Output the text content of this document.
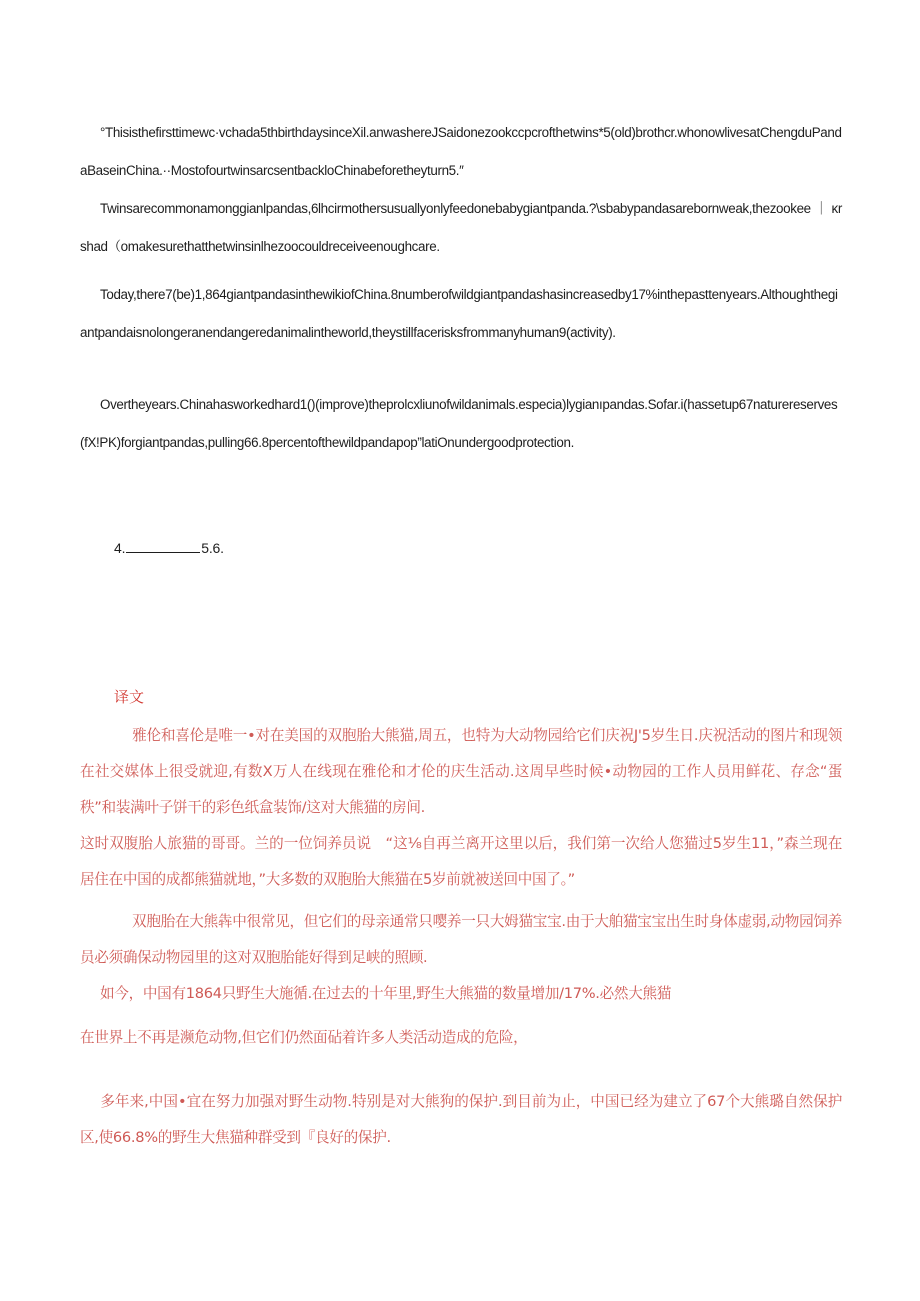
°Thisisthefirsttimewc·vchada5thbirthdaysinceXil.anwashereJSaidonezookccpcrofthetwins*5(old)brothcr.whonowlivesatChengduPandaBaseinChina.··MostofourtwinsarcsentbackloChinabeforetheyturn5.″

Twinsarecommonamonggianlpandas,6lhcirmothersusuallyonlyfeedonebabygiantpanda.?\sbabypandasarebornweak,thezookee ｜ κrshad（omakesurethatthetwinsinlhezoocouldreceiveenoughcare.

Today,there7(be)1,864giantpandasinthewikiofChina.8numberofwildgiantpandashasincreasedby17%inthepasttenyears.Althoughthegiantpandaisnolongeranendangeredanimalintheworld,theystillfacerisksfrommanyhuman9(activity).

Overtheyears.Chinahasworkedhard1()(improve)theprolcxliunofwildanimals.especia)lygianıpandas.Sofar.i(hassetup67naturereserves(fX!PK)forgiantpandas,pulling66.8percentofthewildpandapop”latiOnundergoodprotection.

4.	5.6.
译文

雅伦和喜伦是唯一•对在美国的双胞胎大熊猫,周五，也特为大动物园给它们庆祝J'5岁生日.庆祝活动的图片和现领在社交媒体上很受就迎,有数X万人在线现在雅伦和才伦的庆生活动.这周早些时候•动物园的工作人员用鲜花、存念“蛋秩”和装满叶子饼干的彩色纸盒装饰/这对大熊猫的房间.

这时双腹胎人旅猫的哥哥。兰的一位饲养员说　“这⅛自再兰离开这里以后，我们第一次给人您猫过5岁生11，”森兰现在居住在中国的成都熊猫就地，”大多数的双胞胎大熊猫在5岁前就被送回中国了。”

双胞胎在大熊犇中很常见，但它们的母亲通常只嘤养一只大姆猫宝宝.由于大舶猫宝宝出生时身体虚弱,动物园饲养员必须确保动物园里的这对双胞胎能好得到足峡的照顾.

如今，中国有1864只野生大施循.在过去的十年里,野生大熊猫的数量增加/17%.必然大熊猫

在世界上不再是濒危动物,但它们仍然面砧着许多人类活动造成的危险，

多年来,中国•宜在努力加强对野生动物.特别是对大熊狗的保护.到目前为止，中国已经为建立了67个大熊璐自然保护区,使66.8%的野生大焦猫种群受到『良好的保护.
